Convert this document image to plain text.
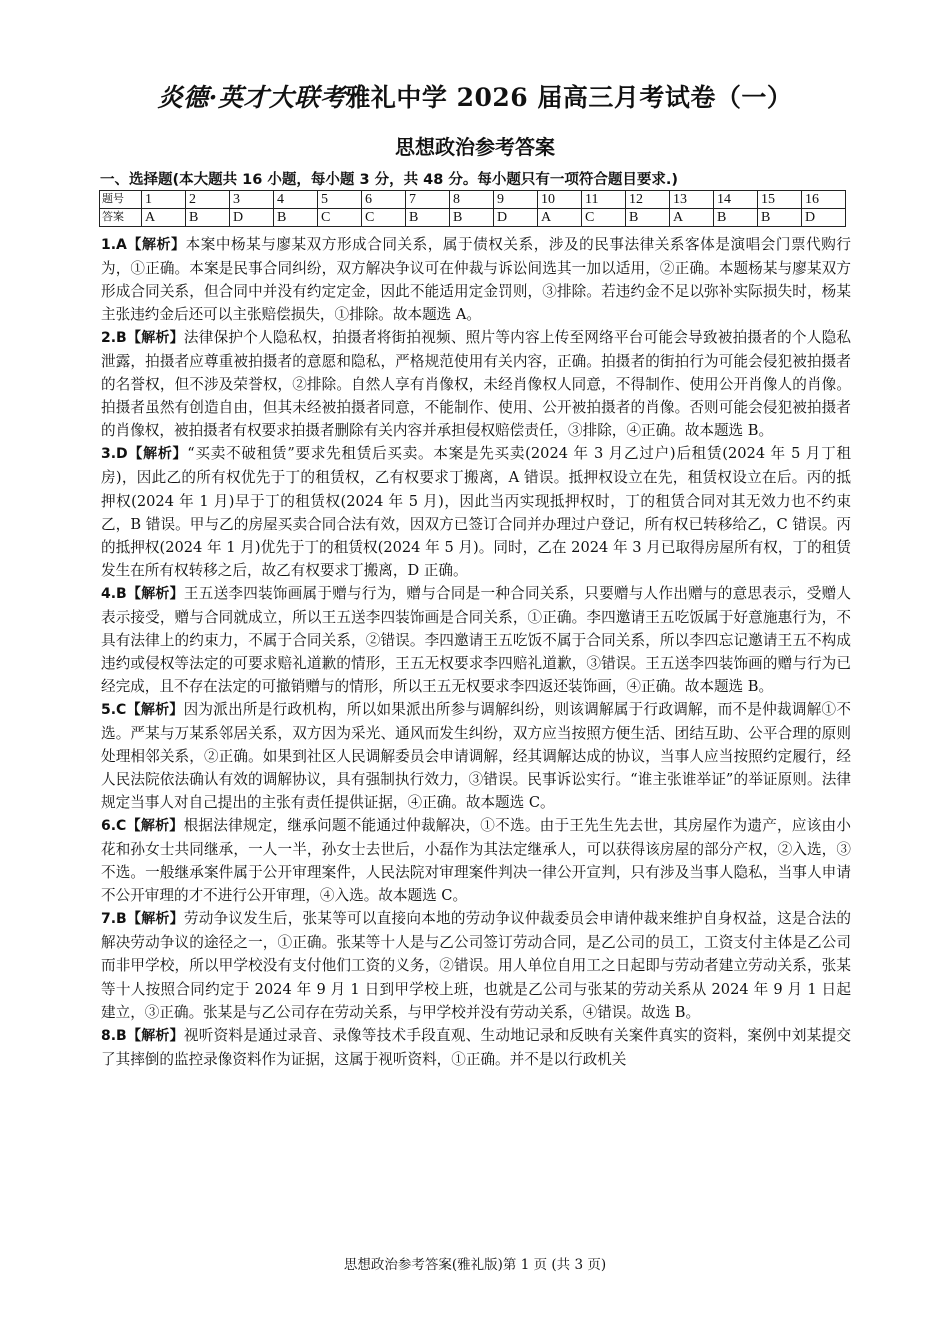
炎德·英才大联考雅礼中学 2026 届高三月考试卷（一）
思想政治参考答案
一、选择题(本大题共 16 小题，每小题 3 分，共 48 分。每小题只有一项符合题目要求.)
题号	1	2	3	4	5	6	7	8	9	10	11	12	13	14	15	16
答案	A	B	D	B	C	C	B	B	D	A	C	B	A	B	B	D
1.A【解析】本案中杨某与廖某双方形成合同关系，属于债权关系，涉及的民事法律关系客体是演唱会门票代购行为，①正确。本案是民事合同纠纷，双方解决争议可在仲裁与诉讼间选其一加以适用，②正确。本题杨某与廖某双方形成合同关系，但合同中并没有约定定金，因此不能适用定金罚则，③排除。若违约金不足以弥补实际损失时，杨某主张违约金后还可以主张赔偿损失，①排除。故本题选 A。
2.B【解析】法律保护个人隐私权，拍摄者将街拍视频、照片等内容上传至网络平台可能会导致被拍摄者的个人隐私泄露，拍摄者应尊重被拍摄者的意愿和隐私，严格规范使用有关内容，正确。拍摄者的街拍行为可能会侵犯被拍摄者的名誉权，但不涉及荣誉权，②排除。自然人享有肖像权，未经肖像权人同意，不得制作、使用公开肖像人的肖像。拍摄者虽然有创造自由，但其未经被拍摄者同意，不能制作、使用、公开被拍摄者的肖像。否则可能会侵犯被拍摄者的肖像权，被拍摄者有权要求拍摄者删除有关内容并承担侵权赔偿责任，③排除，④正确。故本题选 B。
3.D【解析】“买卖不破租赁”要求先租赁后买卖。本案是先买卖(2024 年 3 月乙过户)后租赁(2024 年 5 月丁租房)，因此乙的所有权优先于丁的租赁权，乙有权要求丁搬离，A 错误。抵押权设立在先，租赁权设立在后。丙的抵押权(2024 年 1 月)早于丁的租赁权(2024 年 5 月)，因此当丙实现抵押权时，丁的租赁合同对其无效力也不约束乙，B 错误。甲与乙的房屋买卖合同合法有效，因双方已签订合同并办理过户登记，所有权已转移给乙，C 错误。丙的抵押权(2024 年 1 月)优先于丁的租赁权(2024 年 5 月)。同时，乙在 2024 年 3 月已取得房屋所有权，丁的租赁发生在所有权转移之后，故乙有权要求丁搬离，D 正确。
4.B【解析】王五送李四装饰画属于赠与行为，赠与合同是一种合同关系，只要赠与人作出赠与的意思表示，受赠人表示接受，赠与合同就成立，所以王五送李四装饰画是合同关系，①正确。李四邀请王五吃饭属于好意施惠行为，不具有法律上的约束力，不属于合同关系，②错误。李四邀请王五吃饭不属于合同关系，所以李四忘记邀请王五不构成违约或侵权等法定的可要求赔礼道歉的情形，王五无权要求李四赔礼道歉，③错误。王五送李四装饰画的赠与行为已经完成，且不存在法定的可撤销赠与的情形，所以王五无权要求李四返还装饰画，④正确。故本题选 B。
5.C【解析】因为派出所是行政机构，所以如果派出所参与调解纠纷，则该调解属于行政调解，而不是仲裁调解①不选。严某与万某系邻居关系，双方因为采光、通风而发生纠纷，双方应当按照方便生活、团结互助、公平合理的原则处理相邻关系，②正确。如果到社区人民调解委员会申请调解，经其调解达成的协议，当事人应当按照约定履行，经人民法院依法确认有效的调解协议，具有强制执行效力，③错误。民事诉讼实行。“谁主张谁举证”的举证原则。法律规定当事人对自己提出的主张有责任提供证据，④正确。故本题选 C。
6.C【解析】根据法律规定，继承问题不能通过仲裁解决，①不选。由于王先生先去世，其房屋作为遗产，应该由小花和孙女士共同继承，一人一半，孙女士去世后，小磊作为其法定继承人，可以获得该房屋的部分产权，②入选，③不选。一般继承案件属于公开审理案件，人民法院对审理案件判决一律公开宣判，只有涉及当事人隐私，当事人申请不公开审理的才不进行公开审理，④入选。故本题选 C。
7.B【解析】劳动争议发生后，张某等可以直接向本地的劳动争议仲裁委员会申请仲裁来维护自身权益，这是合法的解决劳动争议的途径之一，①正确。张某等十人是与乙公司签订劳动合同，是乙公司的员工，工资支付主体是乙公司而非甲学校，所以甲学校没有支付他们工资的义务，②错误。用人单位自用工之日起即与劳动者建立劳动关系，张某等十人按照合同约定于 2024 年 9 月 1 日到甲学校上班，也就是乙公司与张某的劳动关系从 2024 年 9 月 1 日起建立，③正确。张某是与乙公司存在劳动关系，与甲学校并没有劳动关系，④错误。故选 B。
8.B【解析】视听资料是通过录音、录像等技术手段直观、生动地记录和反映有关案件真实的资料，案例中刘某提交了其摔倒的监控录像资料作为证据，这属于视听资料，①正确。并不是以行政机关
思想政治参考答案(雅礼版)第 1 页 (共 3 页)
